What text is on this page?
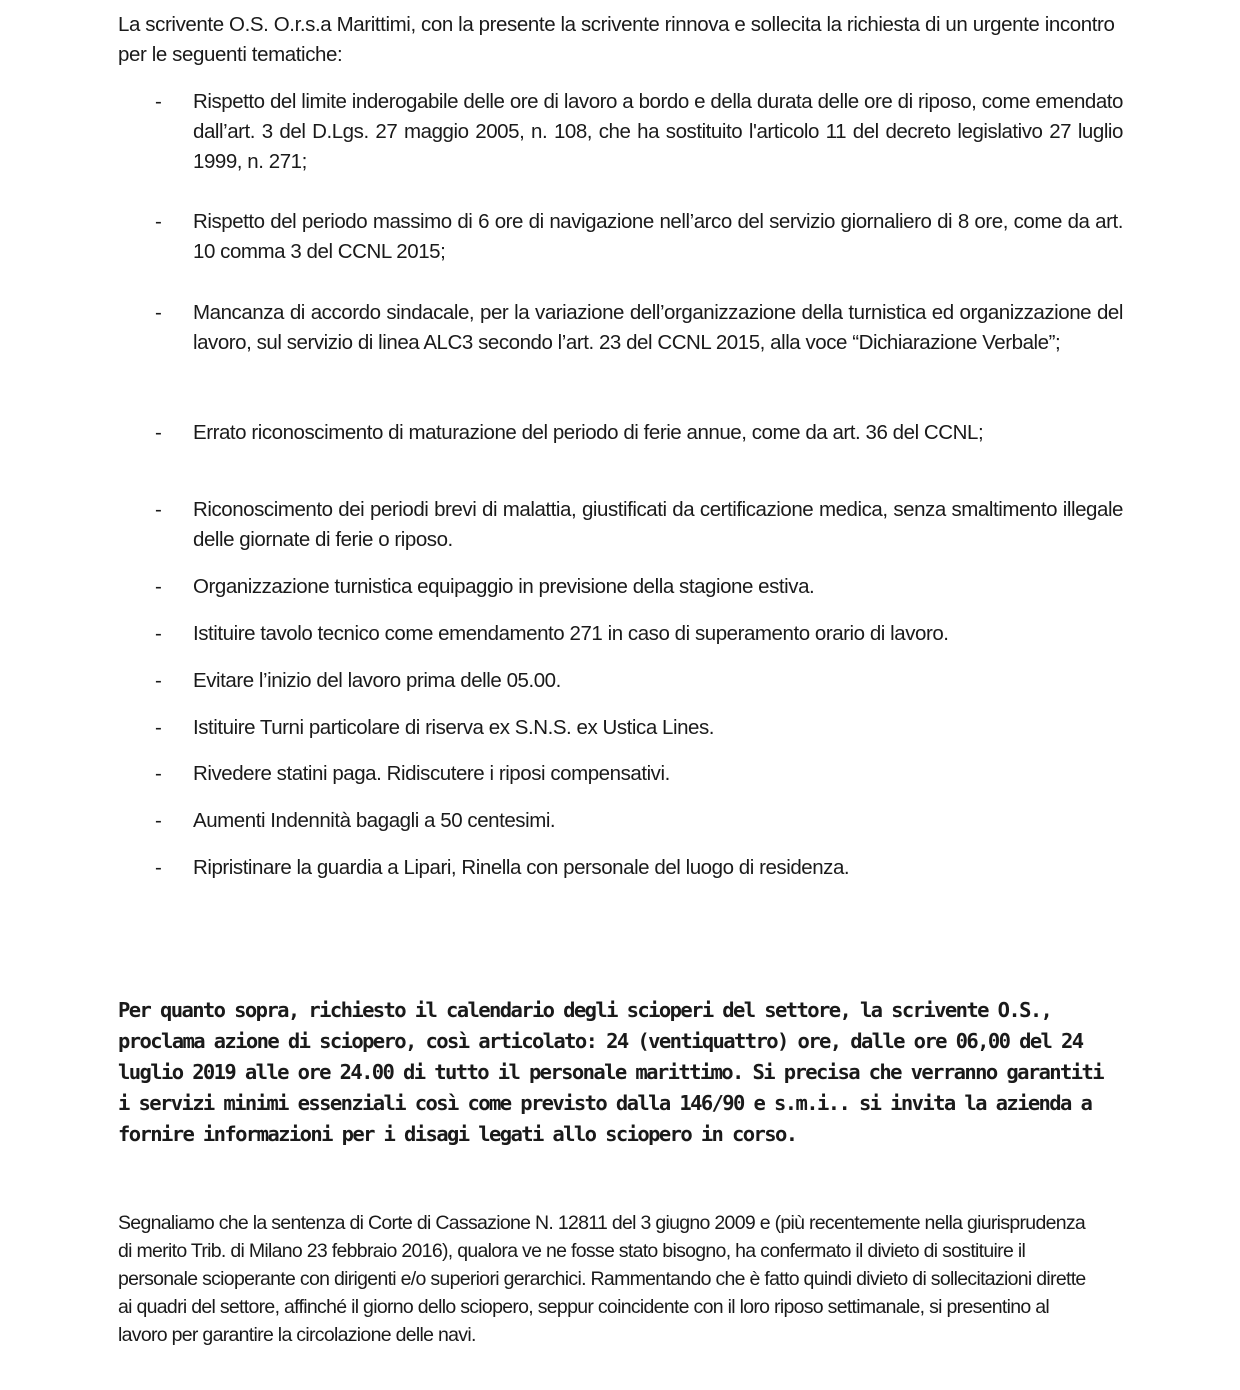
La scrivente O.S. O.r.s.a Marittimi, con la presente la scrivente rinnova e sollecita la richiesta di un urgente incontro per le seguenti tematiche:

- Rispetto del limite inderogabile delle ore di lavoro a bordo e della durata delle ore di riposo, come emendato dall’art. 3 del D.Lgs. 27 maggio 2005, n. 108, che ha sostituito l'articolo 11 del decreto legislativo 27 luglio 1999, n. 271;
- Rispetto del periodo massimo di 6 ore di navigazione nell’arco del servizio giornaliero di 8 ore, come da art. 10 comma 3 del CCNL 2015;
- Mancanza di accordo sindacale, per la variazione dell’organizzazione della turnistica ed organizzazione del lavoro, sul servizio di linea ALC3 secondo l’art. 23 del CCNL 2015, alla voce “Dichiarazione Verbale”;
- Errato riconoscimento di maturazione del periodo di ferie annue, come da art. 36 del CCNL;
- Riconoscimento dei periodi brevi di malattia, giustificati da certificazione medica, senza smaltimento illegale delle giornate di ferie o riposo.
- Organizzazione turnistica equipaggio in previsione della stagione estiva.
- Istituire tavolo tecnico come emendamento 271 in caso di superamento orario di lavoro.
- Evitare l’inizio del lavoro prima delle 05.00.
- Istituire Turni particolare di riserva ex S.N.S. ex Ustica Lines.
- Rivedere statini paga. Ridiscutere i riposi compensativi.
- Aumenti Indennità bagagli a 50 centesimi.
- Ripristinare la guardia a Lipari, Rinella con personale del luogo di residenza.

Per quanto sopra, richiesto il calendario degli scioperi del settore, la scrivente O.S., proclama azione di sciopero, così articolato: 24 (ventiquattro) ore, dalle ore 06,00 del 24 luglio 2019 alle ore 24.00 di tutto il personale marittimo. Si precisa che verranno garantiti i servizi minimi essenziali così come previsto dalla 146/90 e s.m.i.. si invita la azienda a fornire informazioni per i disagi legati allo sciopero in corso.

Segnaliamo che la sentenza di Corte di Cassazione N. 12811 del 3 giugno 2009 e (più recentemente nella giurisprudenza di merito Trib. di Milano 23 febbraio 2016), qualora ve ne fosse stato bisogno, ha confermato il divieto di sostituire il personale scioperante con dirigenti e/o superiori gerarchici. Rammentando che è fatto quindi divieto di sollecitazioni dirette ai quadri del settore, affinché il giorno dello sciopero, seppur coincidente con il loro riposo settimanale, si presentino al lavoro per garantire la circolazione delle navi.
